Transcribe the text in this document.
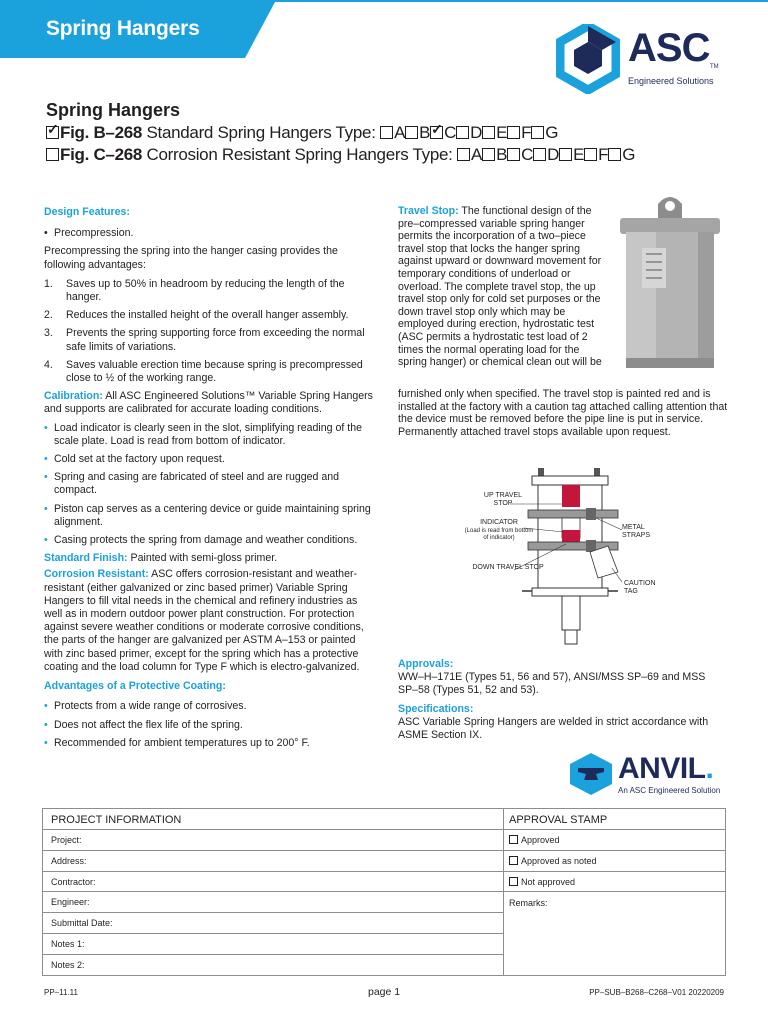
Spring Hangers	ASC TM
Engineered Solutions
Spring Hangers
✓Fig. B–268 Standard Spring Hangers Type: A B✓ C D E F G
Fig. C–268 Corrosion Resistant Spring Hangers Type: A B C D E F G
Design Features:
• Precompression.
Precompressing the spring into the hanger casing provides the following advantages:
1. Saves up to 50% in headroom by reducing the length of the hanger.
2. Reduces the installed height of the overall hanger assembly.
3. Prevents the spring supporting force from exceeding the normal safe limits of variations.
4. Saves valuable erection time because spring is precompressed close to ½ of the working range.
Calibration: All ASC Engineered Solutions™ Variable Spring Hangers and supports are calibrated for accurate loading conditions.
• Load indicator is clearly seen in the slot, simplifying reading of the scale plate. Load is read from bottom of indicator.
• Cold set at the factory upon request.
• Spring and casing are fabricated of steel and are rugged and compact.
• Piston cap serves as a centering device or guide maintaining spring alignment.
• Casing protects the spring from damage and weather conditions.
Standard Finish: Painted with semi-gloss primer.
Corrosion Resistant: ASC offers corrosion-resistant and weather-resistant (either galvanized or zinc based primer) Variable Spring Hangers to fill vital needs in the chemical and refinery industries as well as in modern outdoor power plant construction. For protection against severe weather conditions or moderate corrosive conditions, the parts of the hanger are galvanized per ASTM A–153 or painted with zinc based primer, except for the spring which has a protective coating and the load column for Type F which is electro-galvanized.
Advantages of a Protective Coating:
• Protects from a wide range of corrosives.
• Does not affect the flex life of the spring.
• Recommended for ambient temperatures up to 200° F.
Travel Stop: The functional design of the pre–compressed variable spring hanger permits the incorporation of a two–piece travel stop that locks the hanger spring against upward or downward movement for temporary conditions of underload or overload. The complete travel stop, the up travel stop only for cold set purposes or the down travel stop only which may be employed during erection, hydrostatic test (ASC permits a hydrostatic test load of 2 times the normal operating load for the spring hanger) or chemical clean out will be
furnished only when specified. The travel stop is painted red and is installed at the factory with a caution tag attached calling attention that the device must be removed before the pipe line is put in service. Permanently attached travel stops available upon request.
UP TRAVEL STOP
INDICATOR
(Load is read from bottom of indicator)
DOWN TRAVEL STOP
METAL STRAPS
CAUTION TAG
Approvals:
WW–H–171E (Types 51, 56 and 57), ANSI/MSS SP–69 and MSS SP–58 (Types 51, 52 and 53).
Specifications:
ASC Variable Spring Hangers are welded in strict accordance with ASME Section IX.
ANVIL.
An ASC Engineered Solution
PROJECT INFORMATION	APPROVAL STAMP
Project:
Address:
Contractor:
Engineer:
Submittal Date:
Notes 1:
Notes 2:
Approved
Approved as noted
Not approved
Remarks:
PP–11.11	page 1	PP–SUB–B268–C268–V01 20220209
